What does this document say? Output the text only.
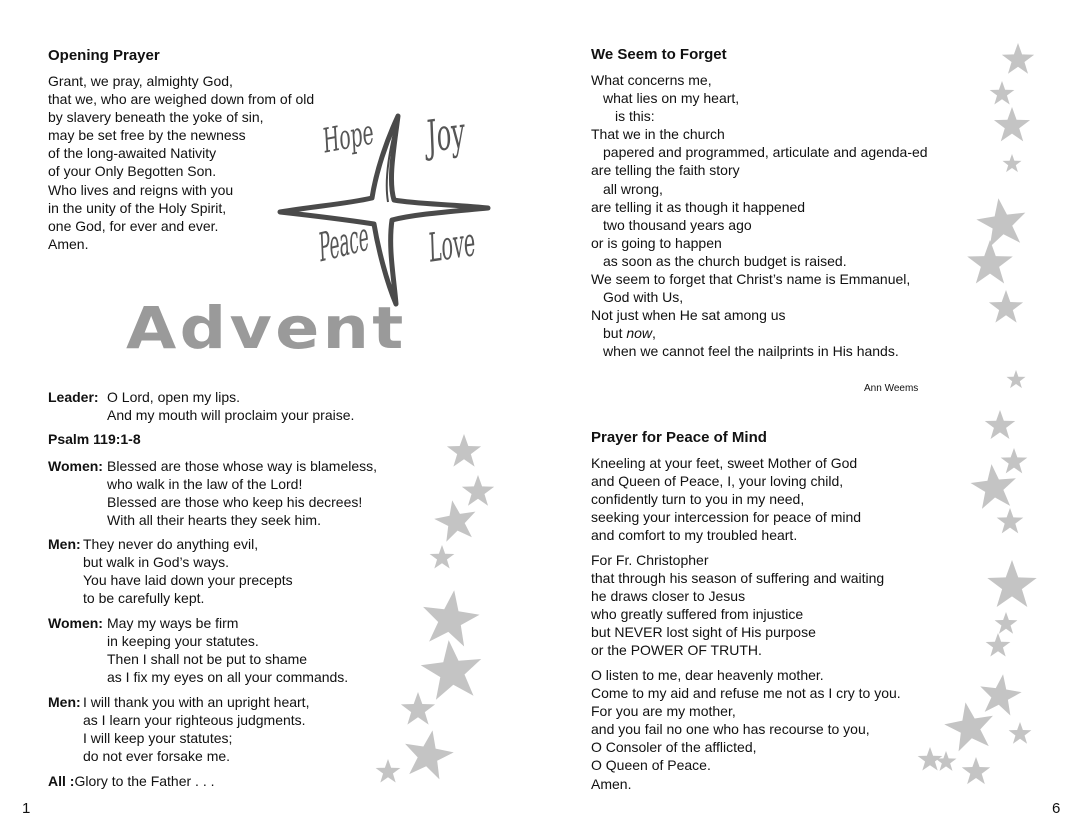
Opening Prayer
Grant, we pray, almighty God,
that we, who are weighed down from of old
by slavery beneath the yoke of sin,
may be set free by the newness
of the long-awaited Nativity
of your Only Begotten Son.
Who lives and reigns with you
in the unity of the Holy Spirit,
one God, for ever and ever.
Amen.
Hope Joy
Peace Love
Advent
Leader: O Lord, open my lips.
And my mouth will proclaim your praise.
Psalm 119:1-8
Women: Blessed are those whose way is blameless,
who walk in the law of the Lord!
Blessed are those who keep his decrees!
With all their hearts they seek him.
Men: They never do anything evil,
but walk in God’s ways.
You have laid down your precepts
to be carefully kept.
Women: May my ways be firm
in keeping your statutes.
Then I shall not be put to shame
as I fix my eyes on all your commands.
Men: I will thank you with an upright heart,
as I learn your righteous judgments.
I will keep your statutes;
do not ever forsake me.
All :Glory to the Father . . .
1
We Seem to Forget
What concerns me,
what lies on my heart,
is this:
That we in the church
papered and programmed, articulate and agenda-ed
are telling the faith story
all wrong,
are telling it as though it happened
two thousand years ago
or is going to happen
as soon as the church budget is raised.
We seem to forget that Christ’s name is Emmanuel,
God with Us,
Not just when He sat among us
but now,
when we cannot feel the nailprints in His hands.
Ann Weems
Prayer for Peace of Mind
Kneeling at your feet, sweet Mother of God
and Queen of Peace, I, your loving child,
confidently turn to you in my need,
seeking your intercession for peace of mind
and comfort to my troubled heart.
For Fr. Christopher
that through his season of suffering and waiting
he draws closer to Jesus
who greatly suffered from injustice
but NEVER lost sight of His purpose
or the POWER OF TRUTH.
O listen to me, dear heavenly mother.
Come to my aid and refuse me not as I cry to you.
For you are my mother,
and you fail no one who has recourse to you,
O Consoler of the afflicted,
O Queen of Peace.
Amen.
6
